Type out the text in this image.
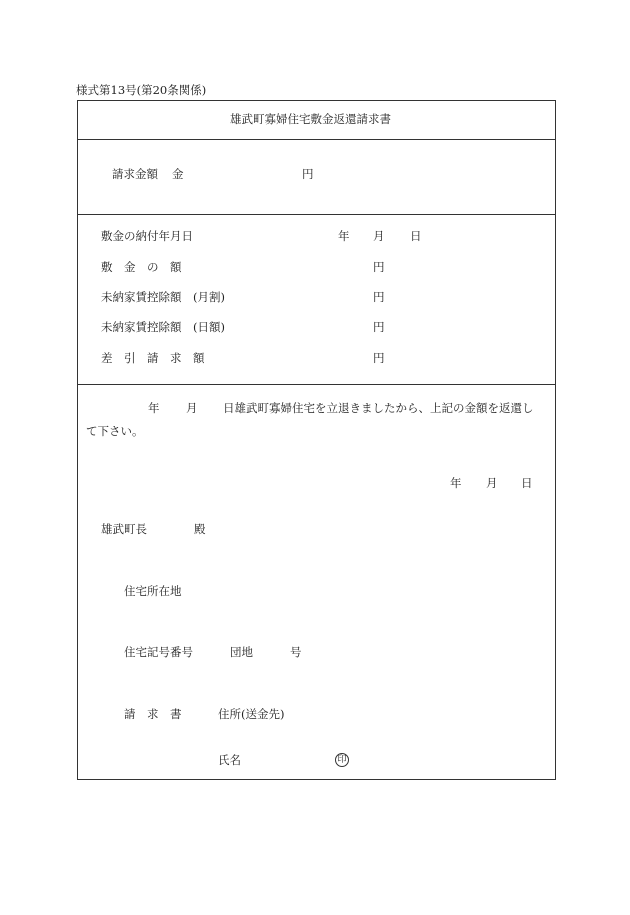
様式第13号(第20条関係)
雄武町寡婦住宅敷金返還請求書
請求金額 金	円
敷金の納付年月日	年 月 日
敷　金　の　額	円
未納家賃控除額　(月割)	円
未納家賃控除額　(日額)	円
差　引　請　求　額	円
年 月 日雄武町寡婦住宅を立退きましたから、上記の金額を返還し
て下さい。
年 月 日
雄武町長	殿
住宅所在地
住宅記号番号	団地	号
請　求　書	住所(送金先)
氏名	印
